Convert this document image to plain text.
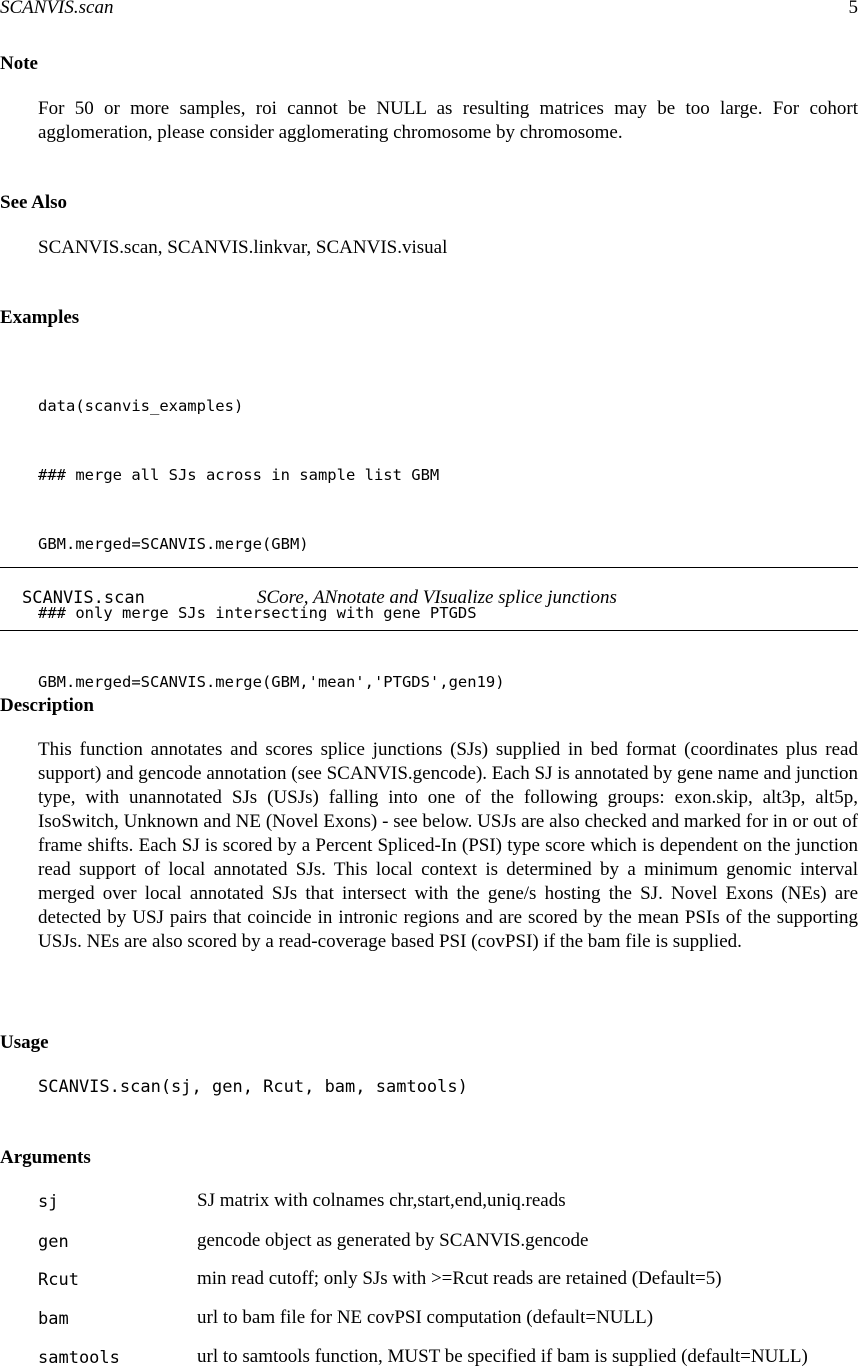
SCANVIS.scan	5
Note
For 50 or more samples, roi cannot be NULL as resulting matrices may be too large. For cohort agglomeration, please consider agglomerating chromosome by chromosome.
See Also
SCANVIS.scan, SCANVIS.linkvar, SCANVIS.visual
Examples

data(scanvis_examples)

### merge all SJs across in sample list GBM

GBM.merged=SCANVIS.merge(GBM)

### only merge SJs intersecting with gene PTGDS

GBM.merged=SCANVIS.merge(GBM,'mean','PTGDS',gen19)

SCANVIS.scan	SCore, ANnotate and VIsualize splice junctions
Description
This function annotates and scores splice junctions (SJs) supplied in bed format (coordinates plus read support) and gencode annotation (see SCANVIS.gencode). Each SJ is annotated by gene name and junction type, with unannotated SJs (USJs) falling into one of the following groups: exon.skip, alt3p, alt5p, IsoSwitch, Unknown and NE (Novel Exons) - see below. USJs are also checked and marked for in or out of frame shifts. Each SJ is scored by a Percent Spliced-In (PSI) type score which is dependent on the junction read support of local annotated SJs. This local context is determined by a minimum genomic interval merged over local annotated SJs that intersect with the gene/s hosting the SJ. Novel Exons (NEs) are detected by USJ pairs that coincide in intronic regions and are scored by the mean PSIs of the supporting USJs. NEs are also scored by a read-coverage based PSI (covPSI) if the bam file is supplied.
Usage
SCANVIS.scan(sj, gen, Rcut, bam, samtools)
Arguments
sj	SJ matrix with colnames chr,start,end,uniq.reads
gen	gencode object as generated by SCANVIS.gencode
Rcut	min read cutoff; only SJs with >=Rcut reads are retained (Default=5)
bam	url to bam file for NE covPSI computation (default=NULL)
samtools	url to samtools function, MUST be specified if bam is supplied (default=NULL)
